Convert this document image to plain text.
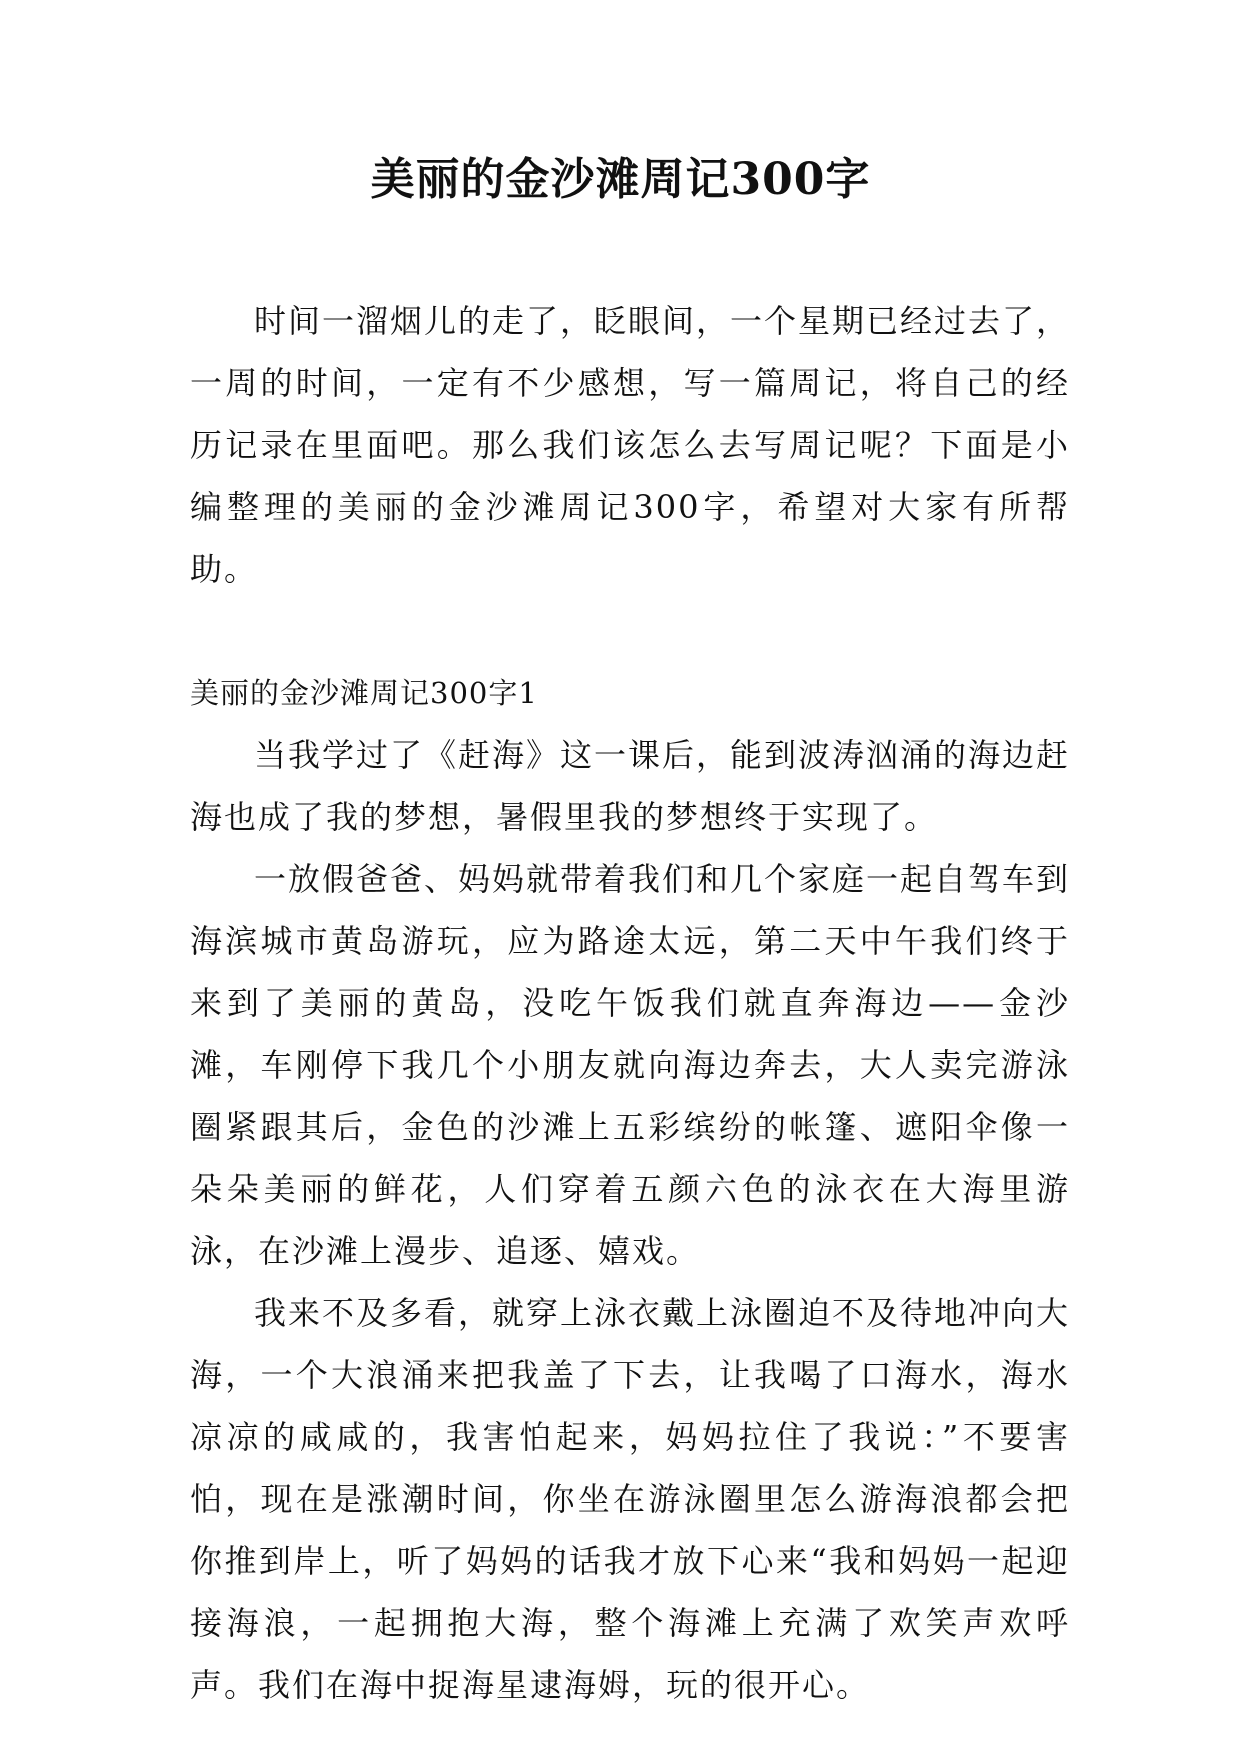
美丽的金沙滩周记300字

时间一溜烟儿的走了，眨眼间，一个星期已经过去了，一周的时间，一定有不少感想，写一篇周记，将自己的经历记录在里面吧。那么我们该怎么去写周记呢？下面是小编整理的美丽的金沙滩周记300字，希望对大家有所帮助。

美丽的金沙滩周记300字1

当我学过了《赶海》这一课后，能到波涛汹涌的海边赶海也成了我的梦想，暑假里我的梦想终于实现了。

一放假爸爸、妈妈就带着我们和几个家庭一起自驾车到海滨城市黄岛游玩，应为路途太远，第二天中午我们终于来到了美丽的黄岛，没吃午饭我们就直奔海边——金沙滩，车刚停下我几个小朋友就向海边奔去，大人卖完游泳圈紧跟其后，金色的沙滩上五彩缤纷的帐篷、遮阳伞像一朵朵美丽的鲜花，人们穿着五颜六色的泳衣在大海里游泳，在沙滩上漫步、追逐、嬉戏。

我来不及多看，就穿上泳衣戴上泳圈迫不及待地冲向大海，一个大浪涌来把我盖了下去，让我喝了口海水，海水凉凉的咸咸的，我害怕起来，妈妈拉住了我说：”不要害怕，现在是涨潮时间，你坐在游泳圈里怎么游海浪都会把你推到岸上，听了妈妈的话我才放下心来“我和妈妈一起迎接海浪，一起拥抱大海，整个海滩上充满了欢笑声欢呼声。我们在海中捉海星逮海姆，玩的很开心。
